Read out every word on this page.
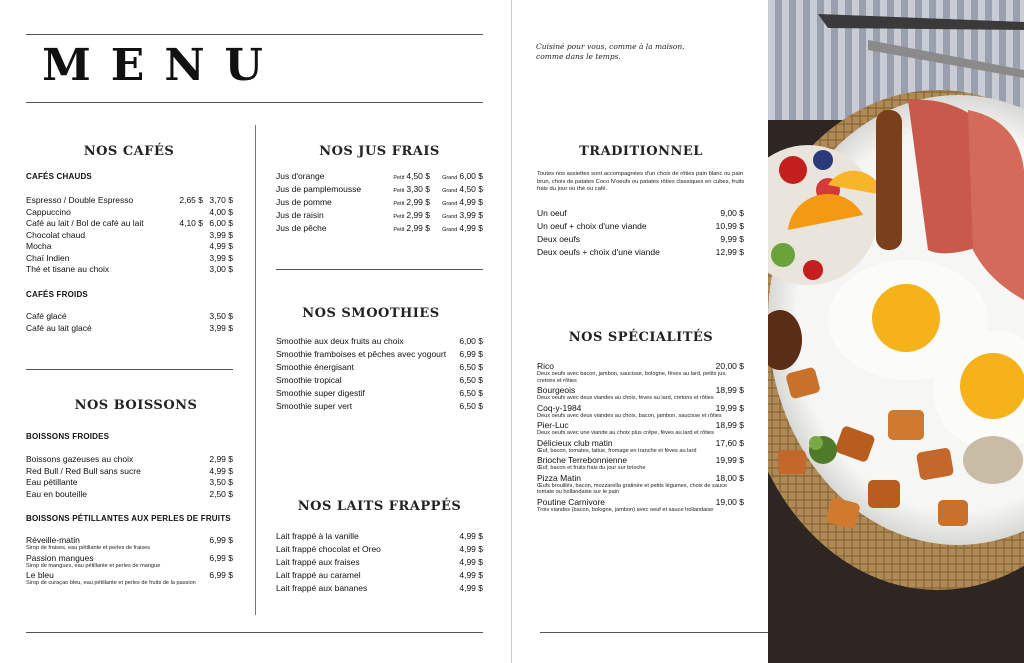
MENU
NOS CAFÉS
CAFÉS CHAUDS
Espresso / Double Espresso	2,65 $ 3,70 $
Cappuccino	4,00 $
Café au lait / Bol de café au lait	4,10 $ 6,00 $
Chocolat chaud	3,99 $
Mocha	4,99 $
Chaï Indien	3,99 $
Thé et tisane au choix	3,00 $
CAFÉS FROIDS
Café glacé	3,50 $
Café au lait glacé	3,99 $
NOS BOISSONS
BOISSONS FROIDES
Boissons gazeuses au choix	2,99 $
Red Bull / Red Bull sans sucre	4,99 $
Eau pétillante	3,50 $
Eau en bouteille	2,50 $
BOISSONS PÉTILLANTES AUX PERLES DE FRUITS
Réveille-matin	6,99 $
Sirop de fraises, eau pétillante et perles de fraises
Passion mangues	6,99 $
Sirop de mangues, eau pétillante et perles de mangue
Le bleu	6,99 $
Sirop de curaçao bleu, eau pétillante et perles de fruits de la passion
NOS JUS FRAIS
Jus d'orange	Petit 4,50 $ Grand 6,00 $
Jus de pamplemousse	Petit 3,30 $ Grand 4,50 $
Jus de pomme	Petit 2,99 $ Grand 4,99 $
Jus de raisin	Petit 2,99 $ Grand 3,99 $
Jus de pêche	Petit 2,99 $ Grand 4,99 $
NOS SMOOTHIES
Smoothie aux deux fruits au choix	6,00 $
Smoothie framboises et pêches avec yogourt 6,99 $
Smoothie énergisant	6,50 $
Smoothie tropical	6,50 $
Smoothie super digestif	6,50 $
Smoothie super vert	6,50 $
NOS LAITS FRAPPÉS
Lait frappé à la vanille	4,99 $
Lait frappé chocolat et Oreo	4,99 $
Lait frappé aux fraises	4,99 $
Lait frappé au caramel	4,99 $
Lait frappé aux bananes	4,99 $
Cuisiné pour vous, comme à la maison,
comme dans le temps.
TRADITIONNEL
Toutes nos assiettes sont accompagnées d'un choix de rôties pain blanc ou pain brun, choix de patates Coco N'oeufs ou patates rôties classiques en cubes, fruits frais du jour ou thé ou café.
Un oeuf	9,00 $
Un oeuf + choix d'une viande	10,99 $
Deux oeufs	9,99 $
Deux oeufs + choix d'une viande	12,99 $
NOS SPÉCIALITÉS
Rico	20,00 $
Deux oeufs avec bacon, jambon, saucisse, bologne, fèves au lard, petits jus, cretons et rôties
Bourgeois	18,99 $
Deux oeufs avec deux viandes au choix, fèves au lard, cretons et rôties
Coq-y-1984	19,99 $
Deux oeufs avec deux viandes au choix, bacon, jambon, saucisse et rôties
Pier-Luc	18,99 $
Deux oeufs avec une viande au choix plus crêpe, fèves au lard et rôties
Délicieux club matin	17,60 $
Œuf, bacon, tomates, laitue, fromage en tranche et fèves au lard
Brioche Terrebonnienne	19,99 $
Œuf, bacon et fruits frais du jour sur brioche
Pizza Matin	18,00 $
Œufs brouillés, bacon, mozzarella gratinée et petits légumes, choix de sauce tomate ou hollandaise sur le pain
Poutine Carnivore	19,00 $
Trois viandes (bacon, bologne, jambon) avec oeuf et sauce hollandaise
